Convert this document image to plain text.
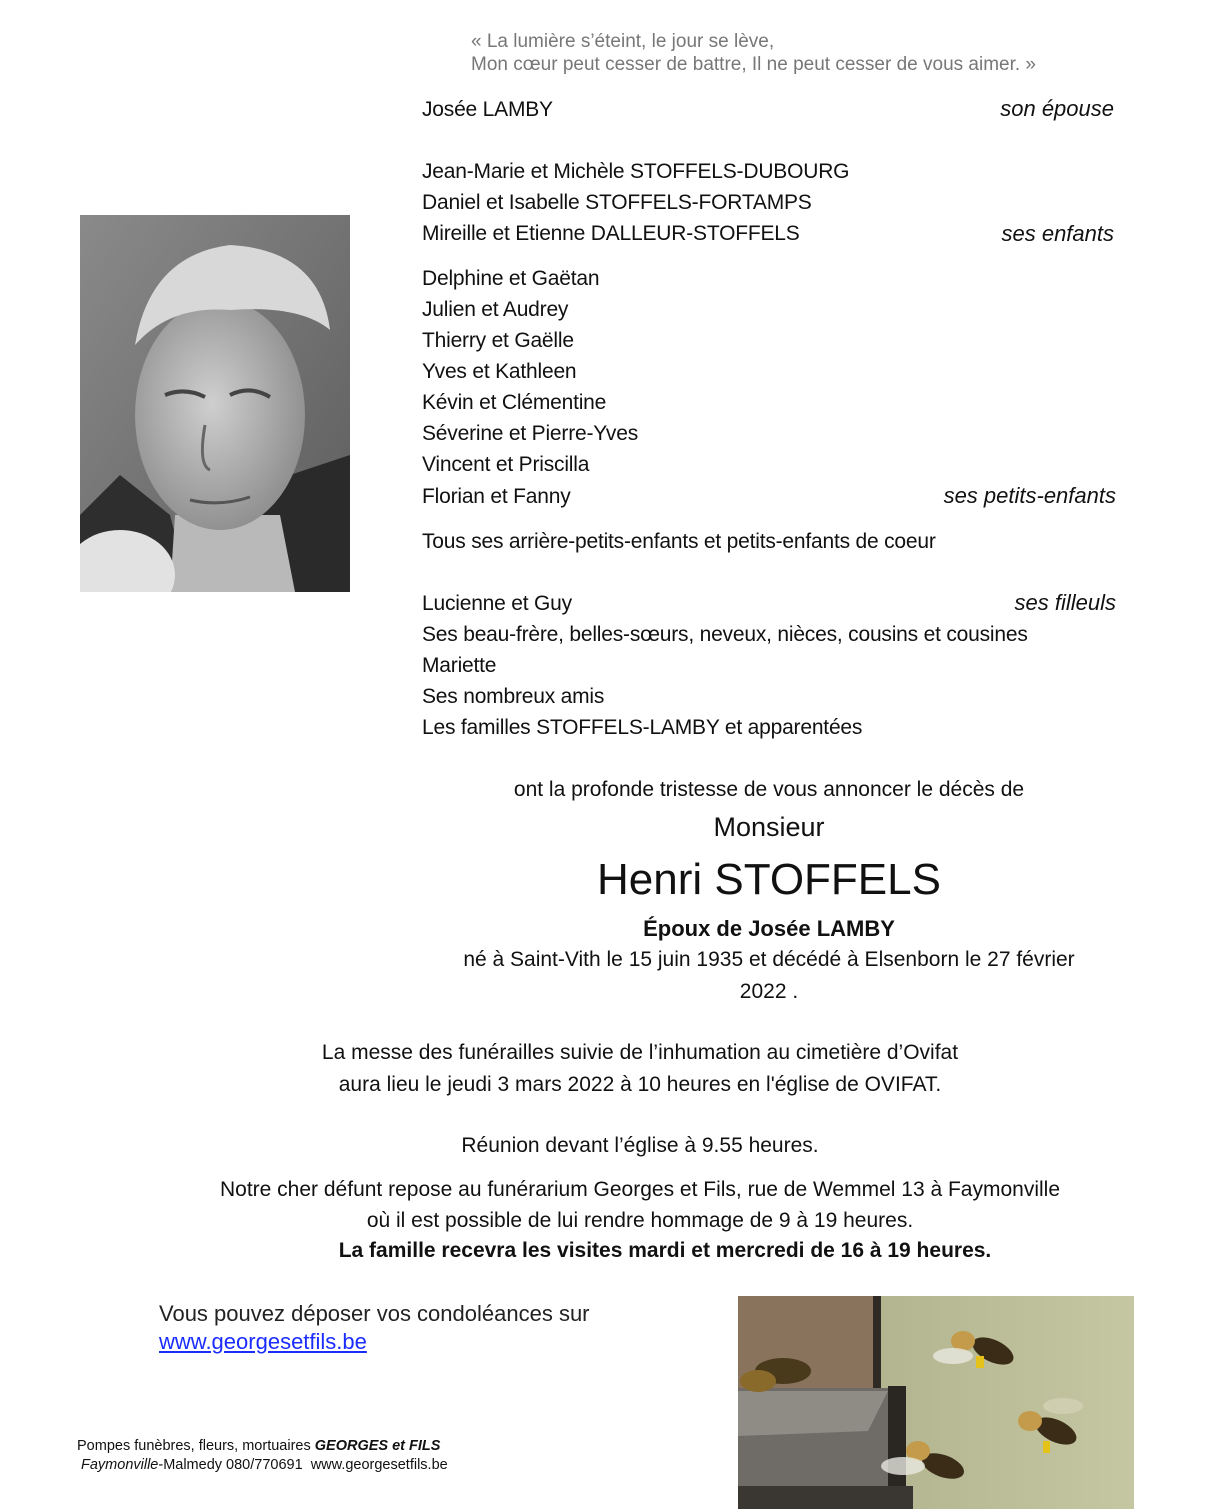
« La lumière s’éteint, le jour se lève,
Mon cœur peut cesser de battre, Il ne peut cesser de vous aimer. »
Josée LAMBY	son épouse
Jean-Marie et Michèle STOFFELS-DUBOURG
Daniel et Isabelle STOFFELS-FORTAMPS
Mireille et Etienne DALLEUR-STOFFELS	ses enfants
Delphine et Gaëtan
Julien et Audrey
Thierry et Gaëlle
Yves et Kathleen
Kévin et Clémentine
Séverine et Pierre-Yves
Vincent et Priscilla
Florian et Fanny	ses petits-enfants
Tous ses arrière-petits-enfants et petits-enfants de coeur
Lucienne et Guy	ses filleuls
Ses beau-frère, belles-sœurs, neveux, nièces, cousins et cousines
Mariette
Ses nombreux amis
Les familles STOFFELS-LAMBY et apparentées
ont la profonde tristesse de vous annoncer le décès de
Monsieur
Henri STOFFELS
Époux de Josée LAMBY
né à Saint-Vith le 15 juin 1935 et décédé à Elsenborn le 27 février
2022 .
La messe des funérailles suivie de l’inhumation au cimetière d’Ovifat
aura lieu le jeudi 3 mars 2022 à 10 heures en l'église de OVIFAT.
Réunion devant l’église à 9.55 heures.
Notre cher défunt repose au funérarium Georges et Fils, rue de Wemmel 13 à Faymonville
où il est possible de lui rendre hommage de 9 à 19 heures.
La famille recevra les visites mardi et mercredi de 16 à 19 heures.
Vous pouvez déposer vos condoléances sur
www.georgesetfils.be
Pompes funèbres, fleurs, mortuaires GEORGES et FILS
Faymonville-Malmedy 080/770691  www.georgesetfils.be
